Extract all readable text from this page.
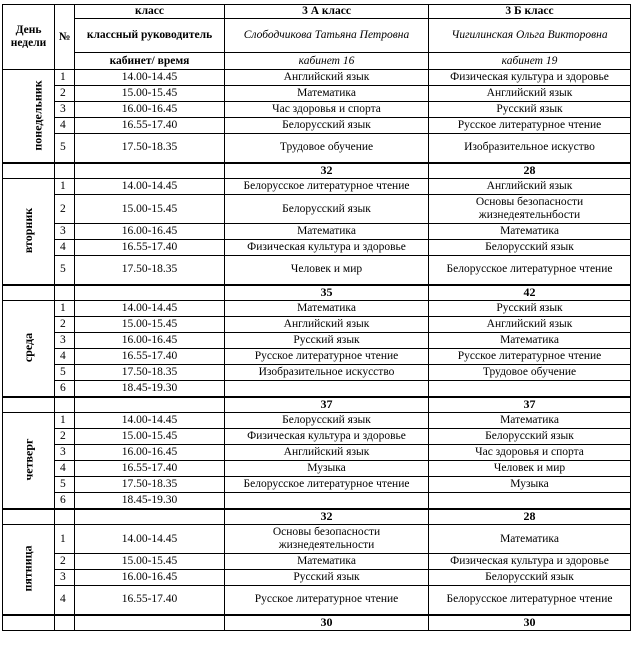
День недели	№	класс	3 А класс	3 Б класс
		классный руководитель	Слободчикова Татьяна Петровна	Чигилинская Ольга Викторовна
		кабинет/ время	кабинет 16	кабинет 19
понедельник	1	14.00-14.45	Английский язык	Физическая культура и здоровье
	2	15.00-15.45	Математика	Английский язык
	3	16.00-16.45	Час здоровья и спорта	Русский язык
	4	16.55-17.40	Белорусский язык	Русское литературное чтение
	5	17.50-18.35	Трудовое обучение	Изобразительное искуство
			32	28
вторник	1	14.00-14.45	Белорусское литературное чтение	Английский язык
	2	15.00-15.45	Белорусский язык	Основы безопасности жизнедеятельнбости
	3	16.00-16.45	Математика	Математика
	4	16.55-17.40	Физическая культура и здоровье	Белорусский язык
	5	17.50-18.35	Человек и мир	Белорусское литературное чтение
			35	42
среда	1	14.00-14.45	Математика	Русский язык
	2	15.00-15.45	Английский язык	Английский язык
	3	16.00-16.45	Русский язык	Математика
	4	16.55-17.40	Русское литературное чтение	Русское литературное чтение
	5	17.50-18.35	Изобразительное искусство	Трудовое обучение
	6	18.45-19.30		
			37	37
четверг	1	14.00-14.45	Белорусский язык	Математика
	2	15.00-15.45	Физическая культура и здоровье	Белорусский язык
	3	16.00-16.45	Английский язык	Час здоровья и спорта
	4	16.55-17.40	Музыка	Человек и мир
	5	17.50-18.35	Белорусское литературное чтение	Музыка
	6	18.45-19.30		
			32	28
пятница	1	14.00-14.45	Основы безопасности жизнедеятельности	Математика
	2	15.00-15.45	Математика	Физическая культура и здоровье
	3	16.00-16.45	Русский язык	Белорусский язык
	4	16.55-17.40	Русское литературное чтение	Белорусское литературное чтение
			30	30
